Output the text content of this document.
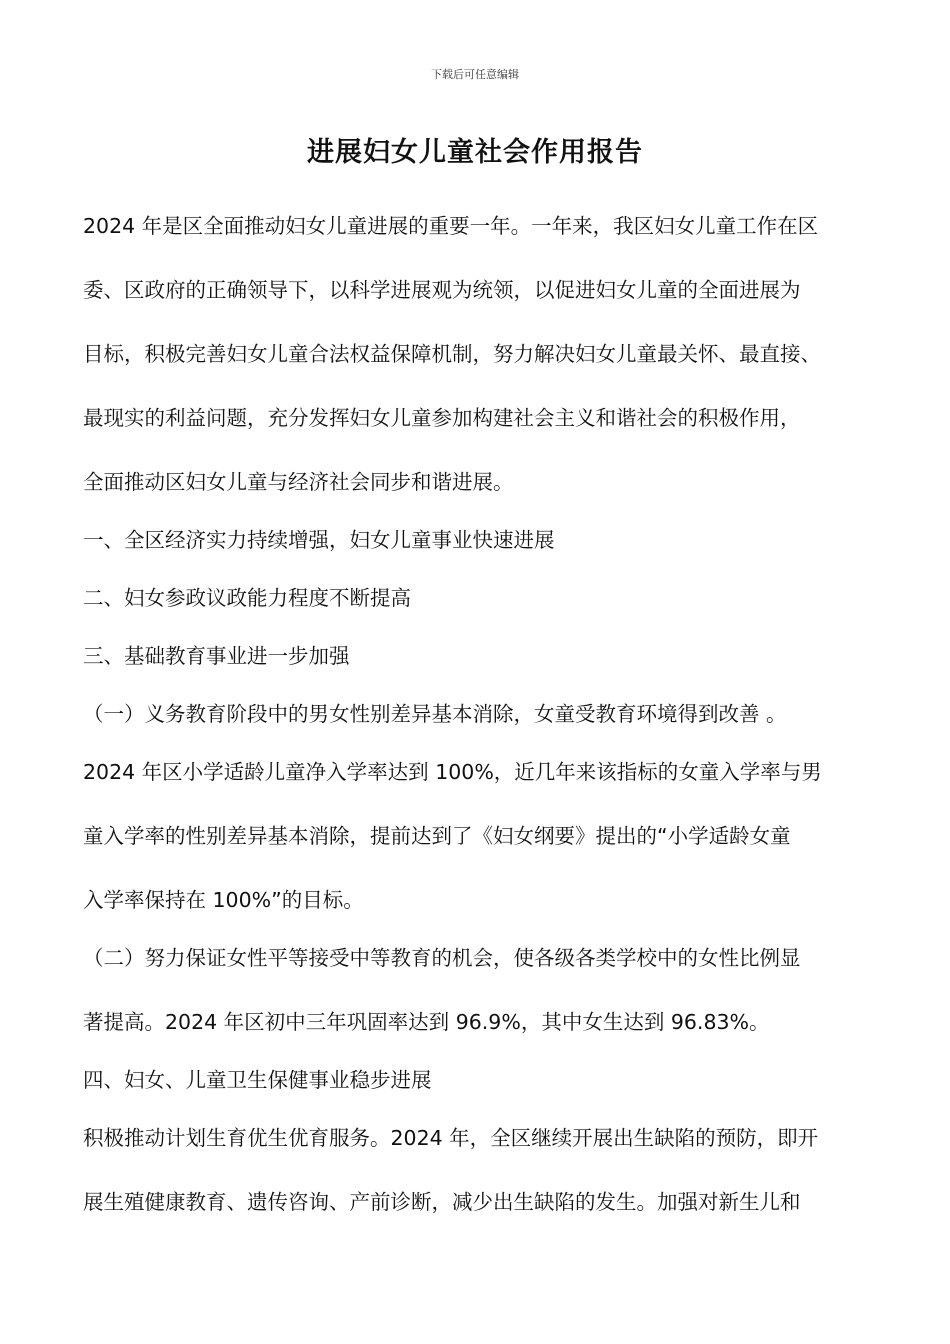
下载后可任意编辑
进展妇女儿童社会作用报告
2024 年是区全面推动妇女儿童进展的重要一年。一年来，我区妇女儿童工作在区
委、区政府的正确领导下，以科学进展观为统领，以促进妇女儿童的全面进展为
目标，积极完善妇女儿童合法权益保障机制，努力解决妇女儿童最关怀、最直接、
最现实的利益问题，充分发挥妇女儿童参加构建社会主义和谐社会的积极作用，
全面推动区妇女儿童与经济社会同步和谐进展。
一、全区经济实力持续增强，妇女儿童事业快速进展
二、妇女参政议政能力程度不断提高
三、基础教育事业进一步加强
（一）义务教育阶段中的男女性别差异基本消除，女童受教育环境得到改善 。
2024 年区小学适龄儿童净入学率达到 100%，近几年来该指标的女童入学率与男
童入学率的性别差异基本消除，提前达到了《妇女纲要》提出的“小学适龄女童
入学率保持在 100%”的目标。
（二）努力保证女性平等接受中等教育的机会，使各级各类学校中的女性比例显
著提高。2024 年区初中三年巩固率达到 96.9%，其中女生达到 96.83%。
四、妇女、儿童卫生保健事业稳步进展
积极推动计划生育优生优育服务。2024 年，全区继续开展出生缺陷的预防，即开
展生殖健康教育、遗传咨询、产前诊断，减少出生缺陷的发生。加强对新生儿和
